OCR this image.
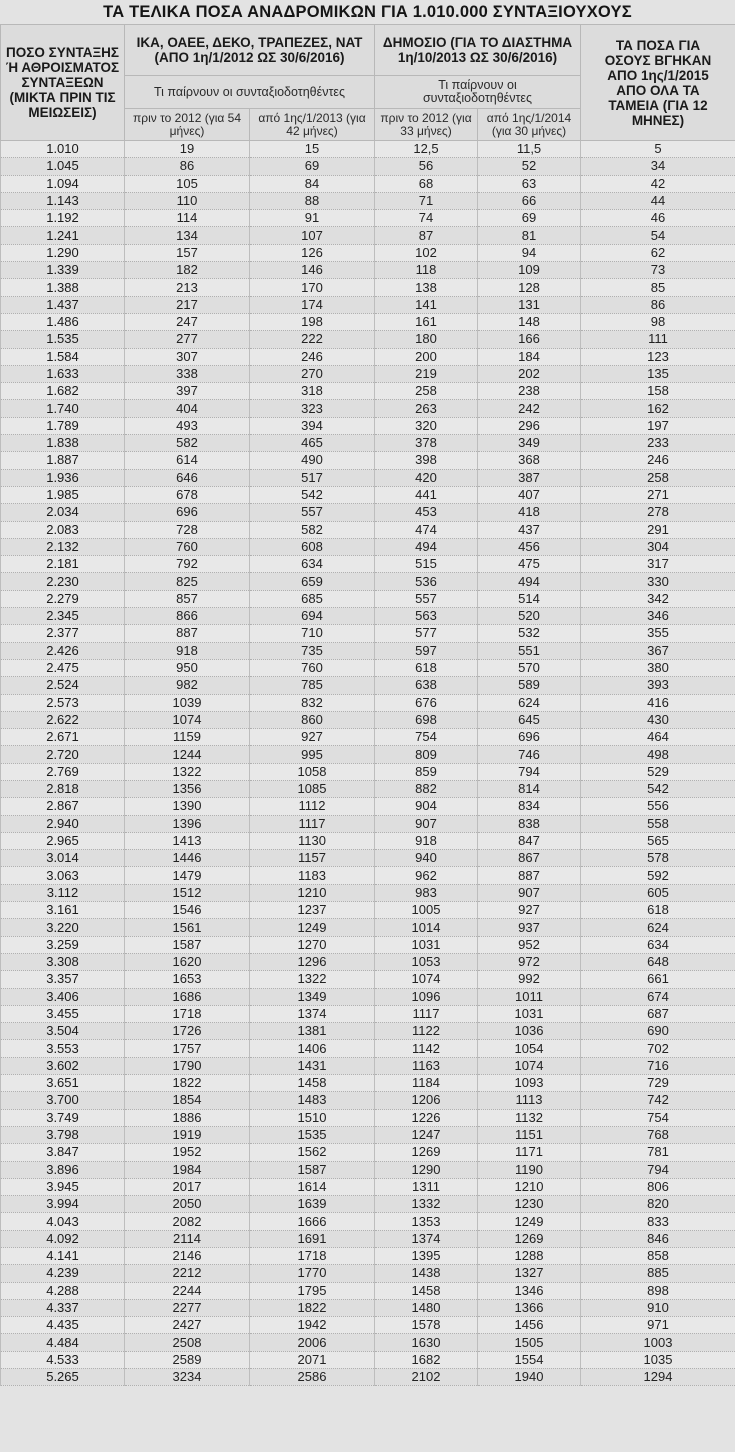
ΤΑ ΤΕΛΙΚΑ ΠΟΣΑ ΑΝΑΔΡΟΜΙΚΩΝ ΓΙΑ 1.010.000 ΣΥΝΤΑΞΙΟΥΧΟΥΣ
ΠΟΣΟ ΣΥΝΤΑΞΗΣ Ή ΑΘΡΟΙΣΜΑΤΟΣ ΣΥΝΤΑΞΕΩΝ (ΜΙΚΤΑ ΠΡΙΝ ΤΙΣ ΜΕΙΩΣΕΙΣ)	ΙΚΑ, ΟΑΕΕ, ΔΕΚΟ, ΤΡΑΠΕΖΕΣ, ΝΑΤ (ΑΠΟ 1η/1/2012 ΩΣ 30/6/2016)		ΔΗΜΟΣΙΟ (ΓΙΑ ΤΟ ΔΙΑΣΤΗΜΑ 1η/10/2013 ΩΣ 30/6/2016)		ΤΑ ΠΟΣΑ ΓΙΑ ΟΣΟΥΣ ΒΓΗΚΑΝ ΑΠΟ 1ης/1/2015 ΑΠΟ ΟΛΑ ΤΑ ΤΑΜΕΙΑ (ΓΙΑ 12 ΜΗΝΕΣ)
	Τι παίρνουν οι συνταξιοδοτηθέντες		Τι παίρνουν οι συνταξιοδοτηθέντες		
	πριν το 2012 (για 54 μήνες)	από 1ης/1/2013 (για 42 μήνες)	πριν το 2012 (για 33 μήνες)	από 1ης/1/2014 (για 30 μήνες)	
1.010	19	15	12,5	11,5	5
1.045	86	69	56	52	34
1.094	105	84	68	63	42
1.143	110	88	71	66	44
1.192	114	91	74	69	46
1.241	134	107	87	81	54
1.290	157	126	102	94	62
1.339	182	146	118	109	73
1.388	213	170	138	128	85
1.437	217	174	141	131	86
1.486	247	198	161	148	98
1.535	277	222	180	166	111
1.584	307	246	200	184	123
1.633	338	270	219	202	135
1.682	397	318	258	238	158
1.740	404	323	263	242	162
1.789	493	394	320	296	197
1.838	582	465	378	349	233
1.887	614	490	398	368	246
1.936	646	517	420	387	258
1.985	678	542	441	407	271
2.034	696	557	453	418	278
2.083	728	582	474	437	291
2.132	760	608	494	456	304
2.181	792	634	515	475	317
2.230	825	659	536	494	330
2.279	857	685	557	514	342
2.345	866	694	563	520	346
2.377	887	710	577	532	355
2.426	918	735	597	551	367
2.475	950	760	618	570	380
2.524	982	785	638	589	393
2.573	1039	832	676	624	416
2.622	1074	860	698	645	430
2.671	1159	927	754	696	464
2.720	1244	995	809	746	498
2.769	1322	1058	859	794	529
2.818	1356	1085	882	814	542
2.867	1390	1112	904	834	556
2.940	1396	1117	907	838	558
2.965	1413	1130	918	847	565
3.014	1446	1157	940	867	578
3.063	1479	1183	962	887	592
3.112	1512	1210	983	907	605
3.161	1546	1237	1005	927	618
3.220	1561	1249	1014	937	624
3.259	1587	1270	1031	952	634
3.308	1620	1296	1053	972	648
3.357	1653	1322	1074	992	661
3.406	1686	1349	1096	1011	674
3.455	1718	1374	1117	1031	687
3.504	1726	1381	1122	1036	690
3.553	1757	1406	1142	1054	702
3.602	1790	1431	1163	1074	716
3.651	1822	1458	1184	1093	729
3.700	1854	1483	1206	1113	742
3.749	1886	1510	1226	1132	754
3.798	1919	1535	1247	1151	768
3.847	1952	1562	1269	1171	781
3.896	1984	1587	1290	1190	794
3.945	2017	1614	1311	1210	806
3.994	2050	1639	1332	1230	820
4.043	2082	1666	1353	1249	833
4.092	2114	1691	1374	1269	846
4.141	2146	1718	1395	1288	858
4.239	2212	1770	1438	1327	885
4.288	2244	1795	1458	1346	898
4.337	2277	1822	1480	1366	910
4.435	2427	1942	1578	1456	971
4.484	2508	2006	1630	1505	1003
4.533	2589	2071	1682	1554	1035
5.265	3234	2586	2102	1940	1294
